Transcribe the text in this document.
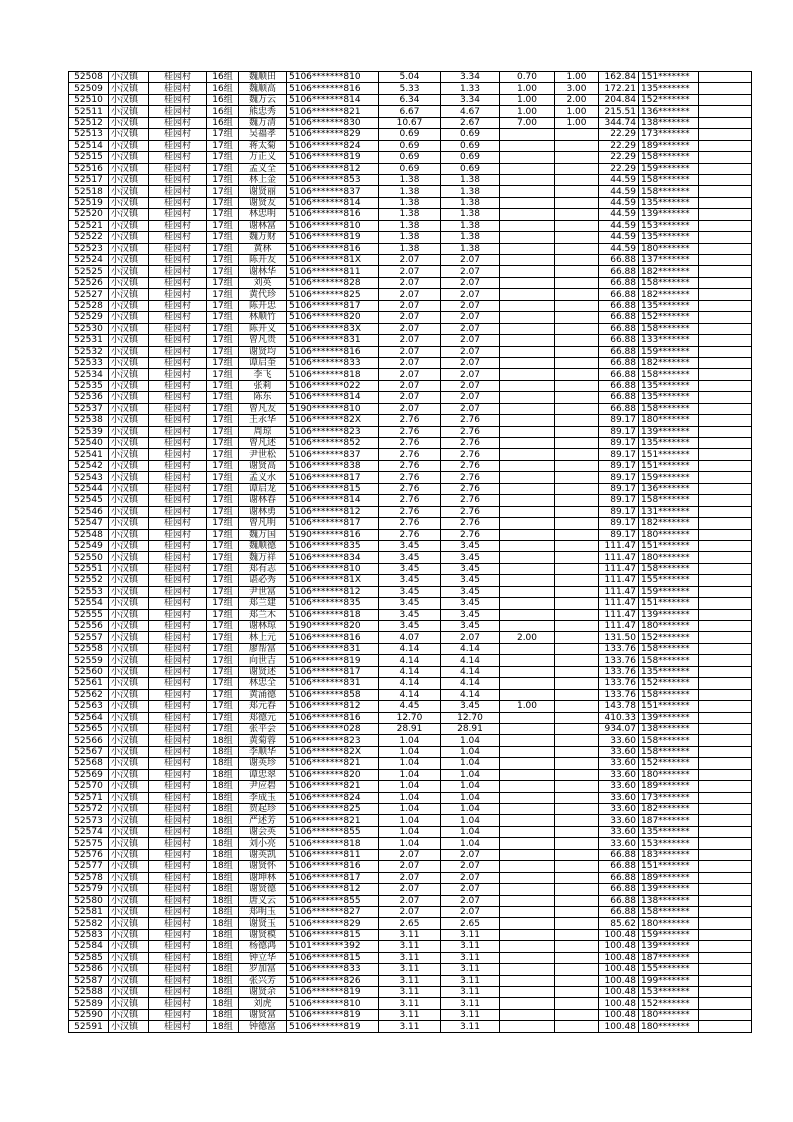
52508	小汉镇	桂园村	16组	魏顺田	5106*******810	5.04	3.34	0.70	1.00	162.84	151*******	
52509	小汉镇	桂园村	16组	魏顺高	5106*******816	5.33	1.33	1.00	3.00	172.21	135*******	
52510	小汉镇	桂园村	16组	魏万云	5106*******814	6.34	3.34	1.00	2.00	204.84	152*******	
52511	小汉镇	桂园村	16组	熊忠秀	5106*******821	6.67	4.67	1.00	1.00	215.51	136*******	
52512	小汉镇	桂园村	16组	魏万清	5106*******830	10.67	2.67	7.00	1.00	344.74	138*******	
52513	小汉镇	桂园村	17组	吴福孝	5106*******829	0.69	0.69			22.29	173*******	
52514	小汉镇	桂园村	17组	蒋太菊	5106*******824	0.69	0.69			22.29	189*******	
52515	小汉镇	桂园村	17组	万正义	5106*******819	0.69	0.69			22.29	158*******	
52516	小汉镇	桂园村	17组	孟义全	5106*******812	0.69	0.69			22.29	159*******	
52517	小汉镇	桂园村	17组	林上金	5106*******853	1.38	1.38			44.59	158*******	
52518	小汉镇	桂园村	17组	谢贤丽	5106*******837	1.38	1.38			44.59	158*******	
52519	小汉镇	桂园村	17组	谢贤友	5106*******814	1.38	1.38			44.59	135*******	
52520	小汉镇	桂园村	17组	林忠明	5106*******816	1.38	1.38			44.59	139*******	
52521	小汉镇	桂园村	17组	谢林富	5106*******810	1.38	1.38			44.59	153*******	
52522	小汉镇	桂园村	17组	魏万财	5106*******819	1.38	1.38			44.59	135*******	
52523	小汉镇	桂园村	17组	黄林	5106*******816	1.38	1.38			44.59	180*******	
52524	小汉镇	桂园村	17组	陈开友	5106*******81X	2.07	2.07			66.88	137*******	
52525	小汉镇	桂园村	17组	谢林华	5106*******811	2.07	2.07			66.88	182*******	
52526	小汉镇	桂园村	17组	刘英	5106*******828	2.07	2.07			66.88	158*******	
52527	小汉镇	桂园村	17组	黄代珍	5106*******825	2.07	2.07			66.88	182*******	
52528	小汉镇	桂园村	17组	陈开忠	5106*******817	2.07	2.07			66.88	135*******	
52529	小汉镇	桂园村	17组	林顺竹	5106*******820	2.07	2.07			66.88	152*******	
52530	小汉镇	桂园村	17组	陈开义	5106*******83X	2.07	2.07			66.88	158*******	
52531	小汉镇	桂园村	17组	曾凡贵	5106*******831	2.07	2.07			66.88	133*******	
52532	小汉镇	桂园村	17组	谢贤均	5106*******816	2.07	2.07			66.88	159*******	
52533	小汉镇	桂园村	17组	谭启奎	5106*******833	2.07	2.07			66.88	182*******	
52534	小汉镇	桂园村	17组	李飞	5106*******818	2.07	2.07			66.88	158*******	
52535	小汉镇	桂园村	17组	张莉	5106*******022	2.07	2.07			66.88	135*******	
52536	小汉镇	桂园村	17组	陈东	5106*******814	2.07	2.07			66.88	135*******	
52537	小汉镇	桂园村	17组	曾凡友	5190*******810	2.07	2.07			66.88	158*******	
52538	小汉镇	桂园村	17组	王永华	5106*******82X	2.76	2.76			89.17	180*******	
52539	小汉镇	桂园村	17组	周琼	5106*******823	2.76	2.76			89.17	139*******	
52540	小汉镇	桂园村	17组	曾凡述	5106*******852	2.76	2.76			89.17	135*******	
52541	小汉镇	桂园村	17组	尹世松	5106*******837	2.76	2.76			89.17	151*******	
52542	小汉镇	桂园村	17组	谢贤高	5106*******838	2.76	2.76			89.17	151*******	
52543	小汉镇	桂园村	17组	孟义水	5106*******817	2.76	2.76			89.17	159*******	
52544	小汉镇	桂园村	17组	谭启龙	5106*******815	2.76	2.76			89.17	136*******	
52545	小汉镇	桂园村	17组	谢林春	5106*******814	2.76	2.76			89.17	158*******	
52546	小汉镇	桂园村	17组	谢林勇	5106*******812	2.76	2.76			89.17	131*******	
52547	小汉镇	桂园村	17组	曾凡明	5106*******817	2.76	2.76			89.17	182*******	
52548	小汉镇	桂园村	17组	魏万国	5190*******816	2.76	2.76			89.17	180*******	
52549	小汉镇	桂园村	17组	魏顺德	5106*******835	3.45	3.45			111.47	151*******	
52550	小汉镇	桂园村	17组	魏万祥	5106*******834	3.45	3.45			111.47	180*******	
52551	小汉镇	桂园村	17组	郑有志	5106*******810	3.45	3.45			111.47	158*******	
52552	小汉镇	桂园村	17组	谌必秀	5106*******81X	3.45	3.45			111.47	155*******	
52553	小汉镇	桂园村	17组	尹世富	5106*******812	3.45	3.45			111.47	159*******	
52554	小汉镇	桂园村	17组	郑兰建	5106*******835	3.45	3.45			111.47	151*******	
52555	小汉镇	桂园村	17组	郑兰木	5106*******818	3.45	3.45			111.47	139*******	
52556	小汉镇	桂园村	17组	谢林琼	5190*******820	3.45	3.45			111.47	180*******	
52557	小汉镇	桂园村	17组	林上元	5106*******816	4.07	2.07	2.00		131.50	152*******	
52558	小汉镇	桂园村	17组	廖帮富	5106*******831	4.14	4.14			133.76	158*******	
52559	小汉镇	桂园村	17组	向世吉	5106*******819	4.14	4.14			133.76	158*******	
52560	小汉镇	桂园村	17组	谢贤述	5106*******817	4.14	4.14			133.76	135*******	
52561	小汉镇	桂园村	17组	林忠全	5106*******831	4.14	4.14			133.76	152*******	
52562	小汉镇	桂园村	17组	黄涌德	5106*******858	4.14	4.14			133.76	158*******	
52563	小汉镇	桂园村	17组	郑元春	5106*******812	4.45	3.45	1.00		143.78	151*******	
52564	小汉镇	桂园村	17组	郑德元	5106*******816	12.70	12.70			410.33	139*******	
52565	小汉镇	桂园村	17组	张平会	5106*******028	28.91	28.91			934.07	138*******	
52566	小汉镇	桂园村	18组	黄菊蓉	5106*******823	1.04	1.04			33.60	158*******	
52567	小汉镇	桂园村	18组	李顺华	5106*******82X	1.04	1.04			33.60	158*******	
52568	小汉镇	桂园村	18组	谢英珍	5106*******821	1.04	1.04			33.60	152*******	
52569	小汉镇	桂园村	18组	谭忠翠	5106*******820	1.04	1.04			33.60	180*******	
52570	小汉镇	桂园村	18组	尹应碧	5106*******821	1.04	1.04			33.60	189*******	
52571	小汉镇	桂园村	18组	李成玉	5106*******824	1.04	1.04			33.60	173*******	
52572	小汉镇	桂园村	18组	贺起珍	5106*******825	1.04	1.04			33.60	182*******	
52573	小汉镇	桂园村	18组	严述芳	5106*******821	1.04	1.04			33.60	187*******	
52574	小汉镇	桂园村	18组	谢会英	5106*******855	1.04	1.04			33.60	135*******	
52575	小汉镇	桂园村	18组	刘小亮	5106*******818	1.04	1.04			33.60	153*******	
52576	小汉镇	桂园村	18组	谢英凯	5106*******811	2.07	2.07			66.88	183*******	
52577	小汉镇	桂园村	18组	谢贤怀	5106*******816	2.07	2.07			66.88	151*******	
52578	小汉镇	桂园村	18组	谢坤林	5106*******817	2.07	2.07			66.88	189*******	
52579	小汉镇	桂园村	18组	谢贤德	5106*******812	2.07	2.07			66.88	139*******	
52580	小汉镇	桂园村	18组	唐义云	5106*******855	2.07	2.07			66.88	138*******	
52581	小汉镇	桂园村	18组	郑明玉	5106*******827	2.07	2.07			66.88	158*******	
52582	小汉镇	桂园村	18组	谢贤玉	5106*******829	2.65	2.65			85.62	180*******	
52583	小汉镇	桂园村	18组	谢贤模	5106*******815	3.11	3.11			100.48	159*******	
52584	小汉镇	桂园村	18组	杨德鸿	5101*******392	3.11	3.11			100.48	139*******	
52585	小汉镇	桂园村	18组	钟立华	5106*******815	3.11	3.11			100.48	187*******	
52586	小汉镇	桂园村	18组	罗加富	5106*******833	3.11	3.11			100.48	155*******	
52587	小汉镇	桂园村	18组	张兴芳	5106*******826	3.11	3.11			100.48	199*******	
52588	小汉镇	桂园村	18组	谢贤余	5106*******819	3.11	3.11			100.48	153*******	
52589	小汉镇	桂园村	18组	刘虎	5106*******810	3.11	3.11			100.48	152*******	
52590	小汉镇	桂园村	18组	谢贤富	5106*******819	3.11	3.11			100.48	180*******	
52591	小汉镇	桂园村	18组	钟德富	5106*******819	3.11	3.11			100.48	180*******	
